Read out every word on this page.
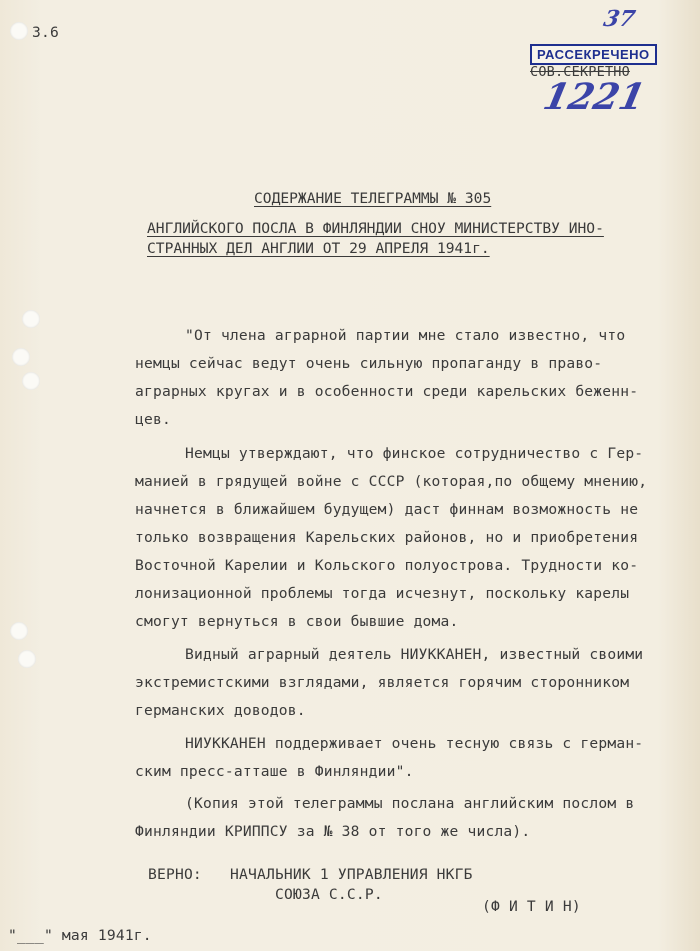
3.6
37
РАССЕКРЕЧЕНО
СОВ.СЕКРЕТНО
1221
СОДЕРЖАНИЕ ТЕЛЕГРАММЫ № 305
АНГЛИЙСКОГО ПОСЛА В ФИНЛЯНДИИ СНОУ МИНИСТЕРСТВУ ИНО-
СТРАННЫХ ДЕЛ АНГЛИИ ОТ 29 АПРЕЛЯ 1941г.
"От члена аграрной партии мне стало известно, что
немцы сейчас ведут очень сильную пропаганду в право-
аграрных кругах и в особенности среди карельских беженн-
цев.
Немцы утверждают, что финское сотрудничество с Гер-
манией в грядущей войне с СССР (которая,по общему мнению,
начнется в ближайшем будущем) даст финнам возможность не
только возвращения Карельских районов, но и приобретения
Восточной Карелии и Кольского полуострова. Трудности ко-
лонизационной проблемы тогда исчезнут, поскольку карелы
смогут вернуться в свои бывшие дома.
Видный аграрный деятель НИУККАНЕН, известный своими
экстремистскими взглядами, является горячим сторонником
германских доводов.
НИУККАНЕН поддерживает очень тесную связь с герман-
ским пресс-атташе в Финляндии".
(Копия этой телеграммы послана английским послом в
Финляндии КРИППСУ за № 38 от того же числа).
ВЕРНО: НАЧАЛЬНИК 1 УПРАВЛЕНИЯ НКГБ
СОЮЗА С.С.Р.
(Ф И Т И Н)
"___" мая 1941г.
